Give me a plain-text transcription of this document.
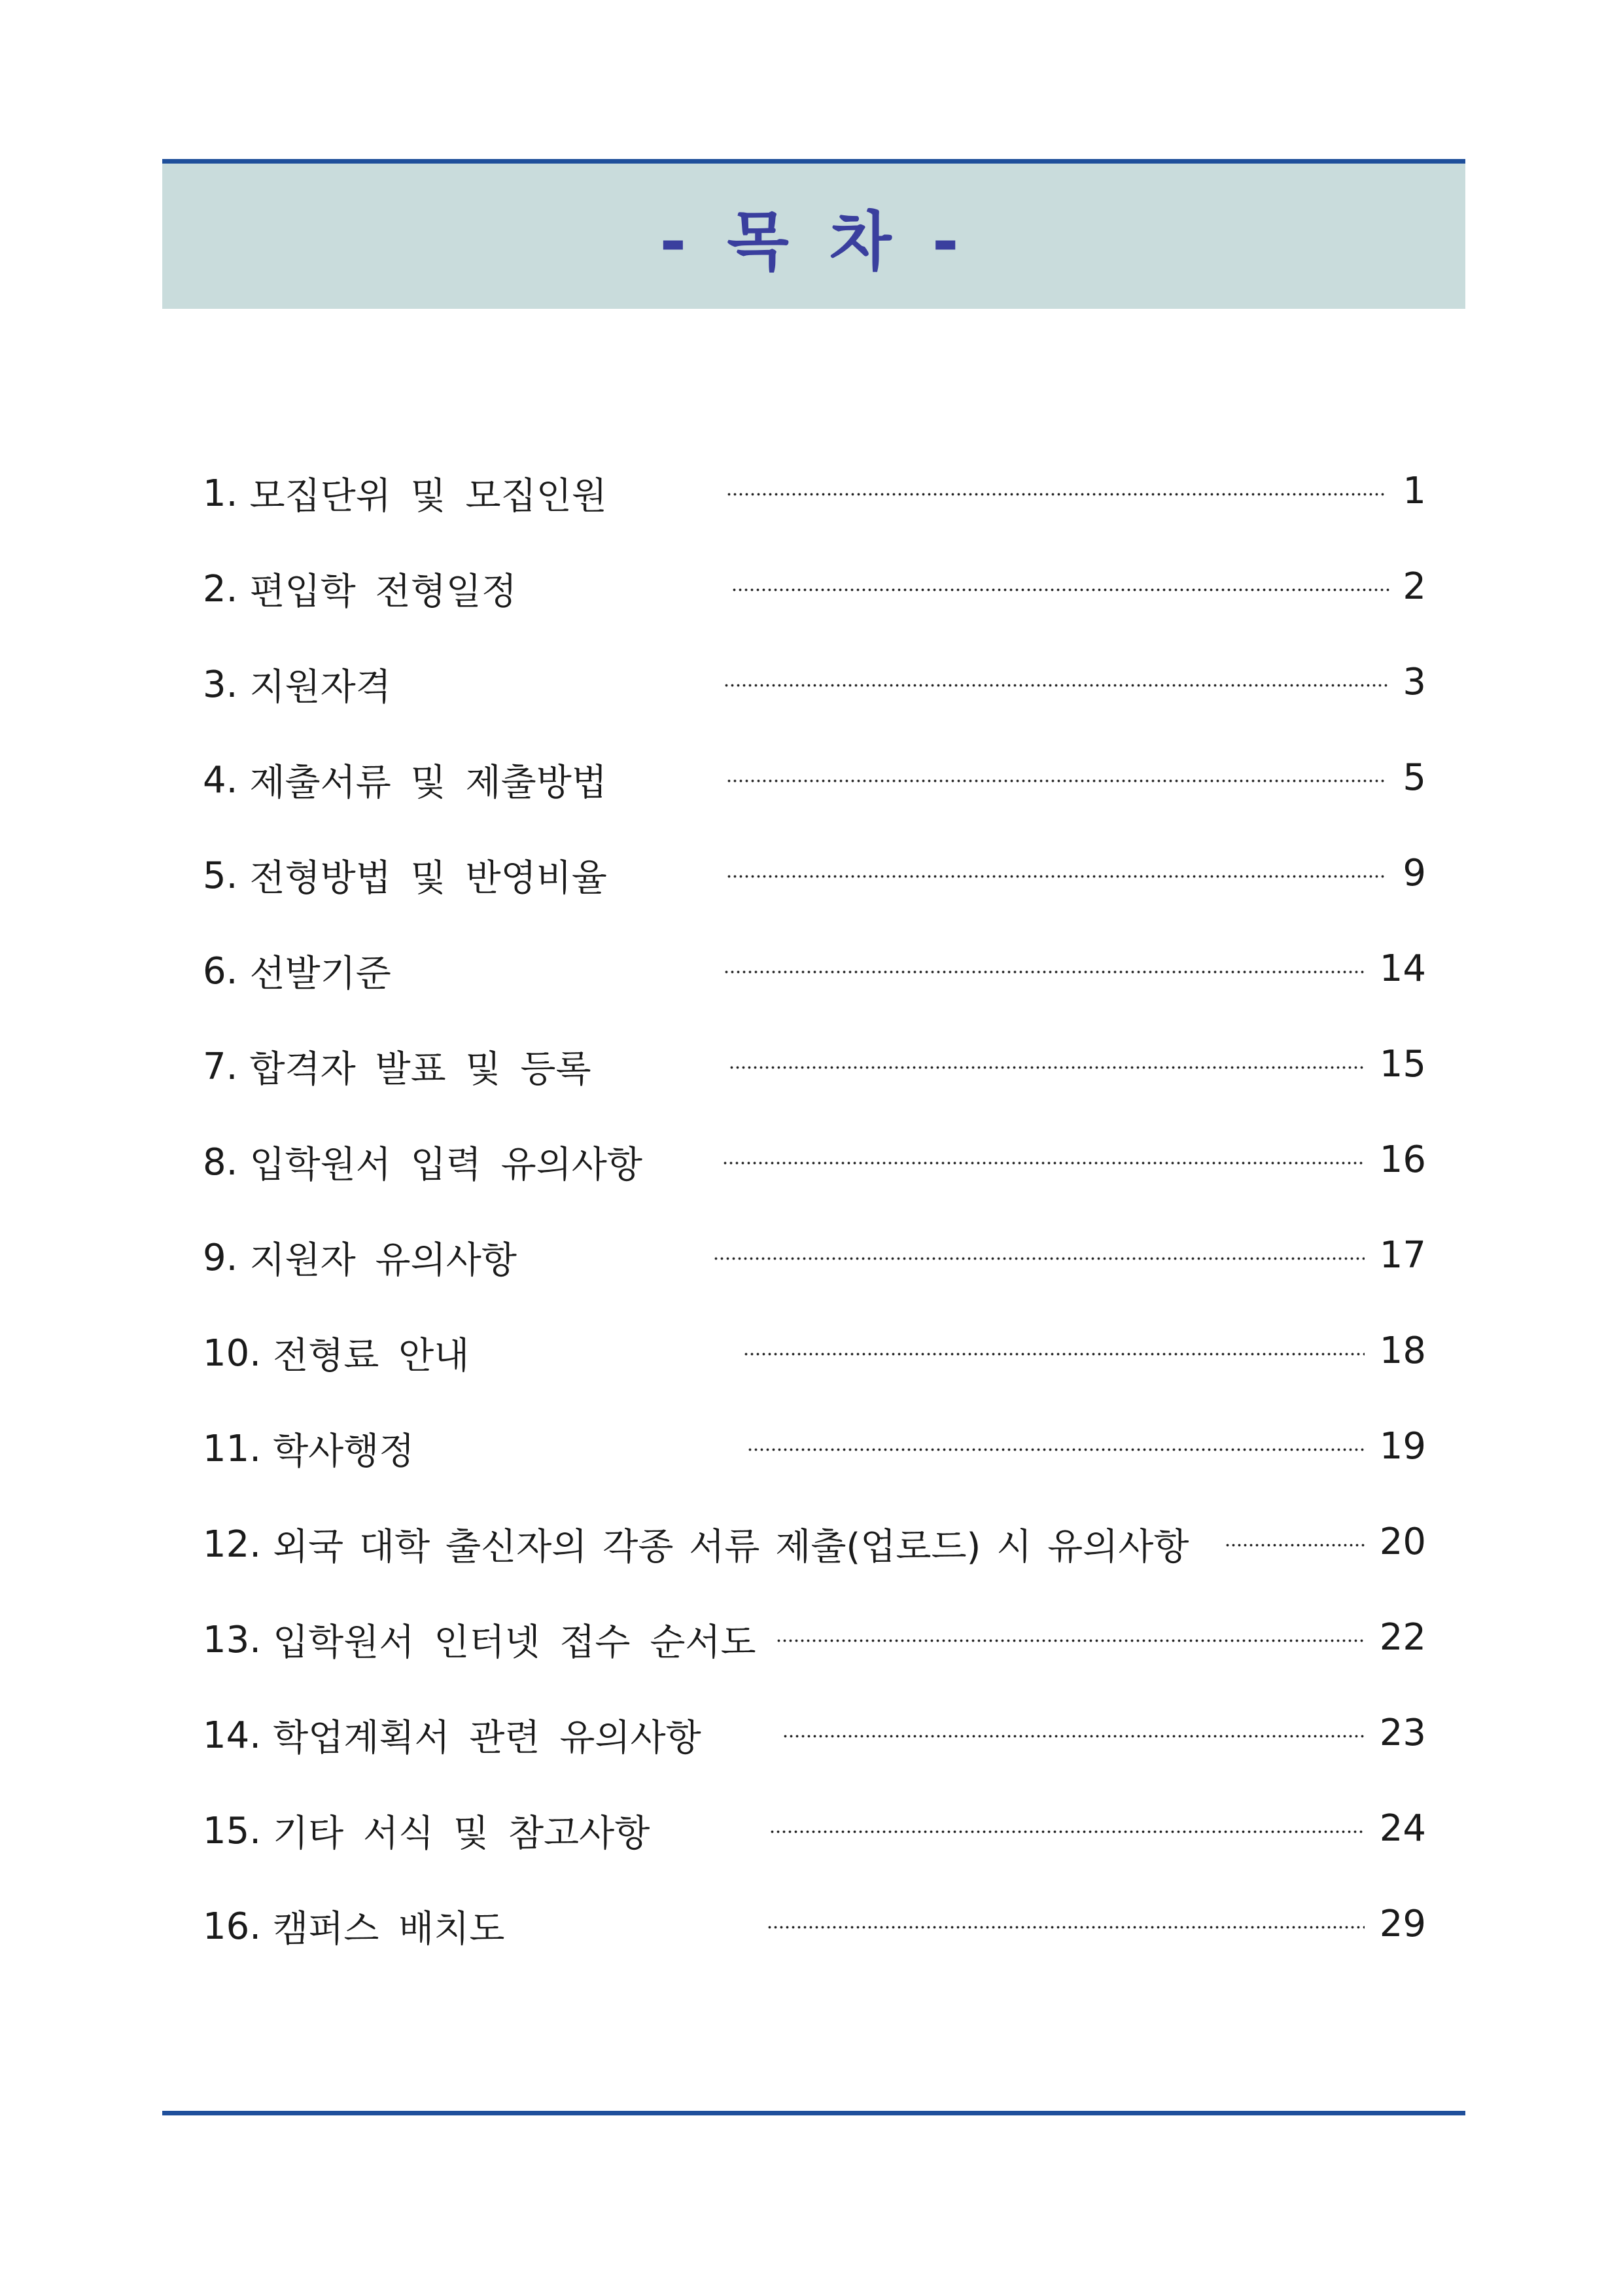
- 목 차 -
1. 모집단위 및 모집인원	1
2. 편입학 전형일정	2
3. 지원자격	3
4. 제출서류 및 제출방법	5
5. 전형방법 및 반영비율	9
6. 선발기준	14
7. 합격자 발표 및 등록	15
8. 입학원서 입력 유의사항	16
9. 지원자 유의사항	17
10. 전형료 안내	18
11. 학사행정	19
12. 외국 대학 출신자의 각종 서류 제출(업로드) 시 유의사항	20
13. 입학원서 인터넷 접수 순서도	22
14. 학업계획서 관련 유의사항	23
15. 기타 서식 및 참고사항	24
16. 캠퍼스 배치도	29
